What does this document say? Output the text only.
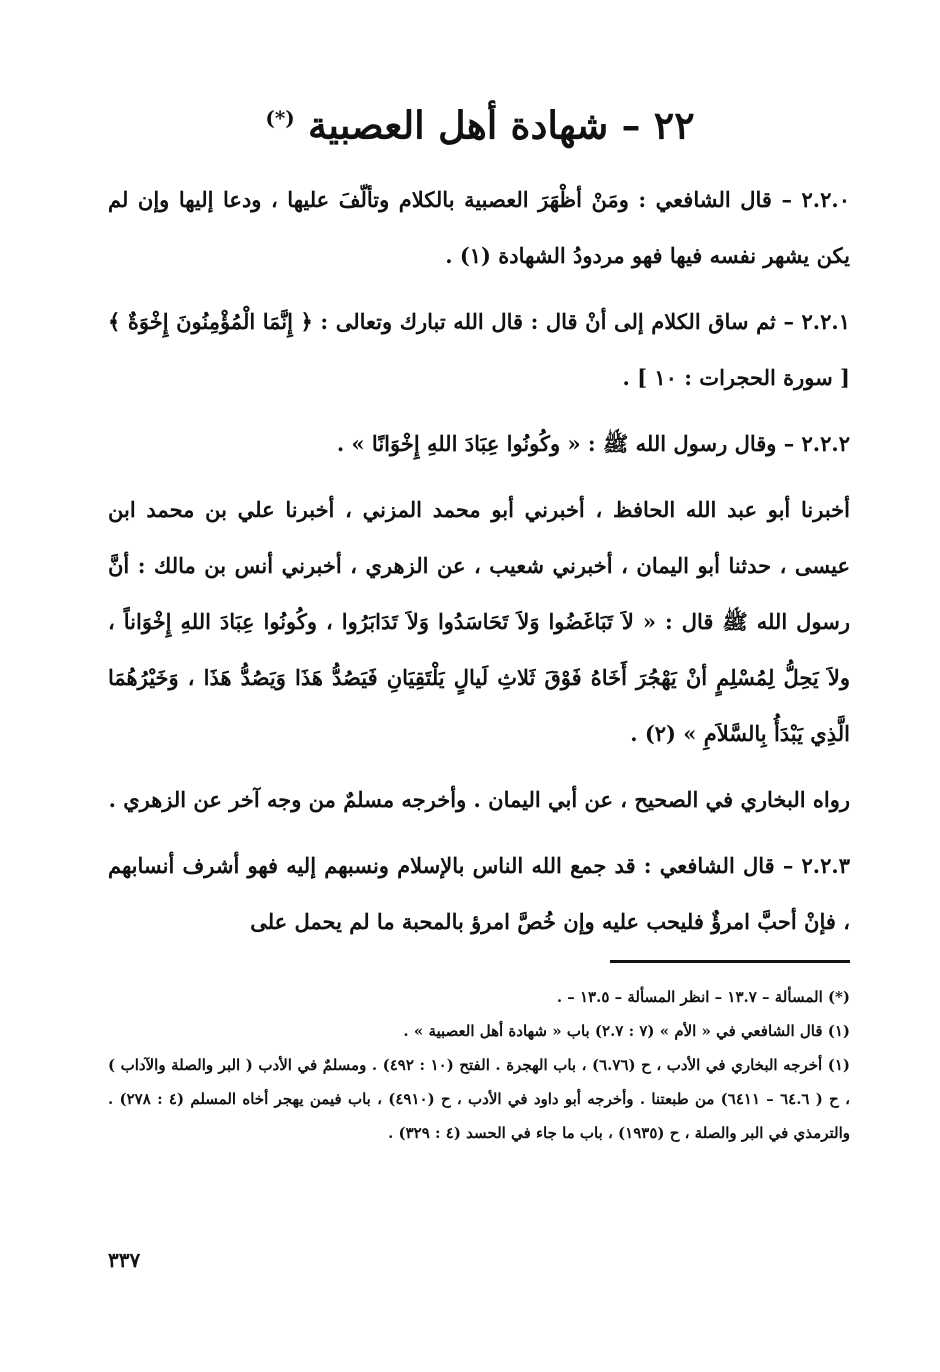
٢٢ – شهادة أهل العصبية (*)

٢.٢.٠ – قال الشافعي : ومَنْ أظْهَرَ العصبية بالكلام وتألّفَ عليها ، ودعا إليها وإن لم يكن يشهر نفسه فيها فهو مردودُ الشهادة (١) .

٢.٢.١ – ثم ساق الكلام إلى أنْ قال : قال الله تبارك وتعالى : ﴿ إِنَّمَا الْمُؤْمِنُونَ إِخْوَةٌ ﴾ [ سورة الحجرات : ١٠ ] .

٢.٢.٢ – وقال رسول الله ﷺ : « وكُونُوا عِبَادَ اللهِ إِخْوَانًا » .

أخبرنا أبو عبد الله الحافظ ، أخبرني أبو محمد المزني ، أخبرنا علي بن محمد ابن عيسى ، حدثنا أبو اليمان ، أخبرني شعيب ، عن الزهري ، أخبرني أنس بن مالك : أنَّ رسول الله ﷺ قال : « لاَ تَبَاغَضُوا وَلاَ تَحَاسَدُوا وَلاَ تَدَابَرُوا ، وكُونُوا عِبَادَ اللهِ إِخْوَاناً ، ولاَ يَحِلُّ لِمُسْلِمٍ أنْ يَهْجُرَ أَخَاهُ فَوْقَ ثَلاثِ لَيالٍ يَلْتَقِيَانِ فَيَصُدُّ هَذَا وَيَصُدُّ هَذَا ، وَخَيْرُهُمَا الَّذِي يَبْدَأُ بِالسَّلاَمِ » (٢) .

رواه البخاري في الصحيح ، عن أبي اليمان . وأخرجه مسلمٌ من وجه آخر عن الزهري .

٢.٢.٣ – قال الشافعي : قد جمع الله الناس بالإسلام ونسبهم إليه فهو أشرف أنسابهم ، فإنْ أحبَّ امرؤٌ فليحب عليه وإن خُصَّ امرؤ بالمحبة ما لم يحمل على

(*) المسألة – ١٣.٧ – انظر المسألة – ١٣.٥ – .

(١) قال الشافعي في « الأم » (٧ : ٢.٧) باب « شهادة أهل العصبية » .

(١) أخرجه البخاري في الأدب ، ح (٦.٧٦) ، باب الهجرة . الفتح (١٠ : ٤٩٢) . ومسلمٌ في الأدب ( البر والصلة والآداب ) ، ح ( ٦٤.٦ – ٦٤١١) من طبعتنا . وأخرجه أبو داود في الأدب ، ح (٤٩١٠) ، باب فيمن يهجر أخاه المسلم (٤ : ٢٧٨) . والترمذي في البر والصلة ، ح (١٩٣٥) ، باب ما جاء في الحسد (٤ : ٣٢٩) .

٣٣٧
